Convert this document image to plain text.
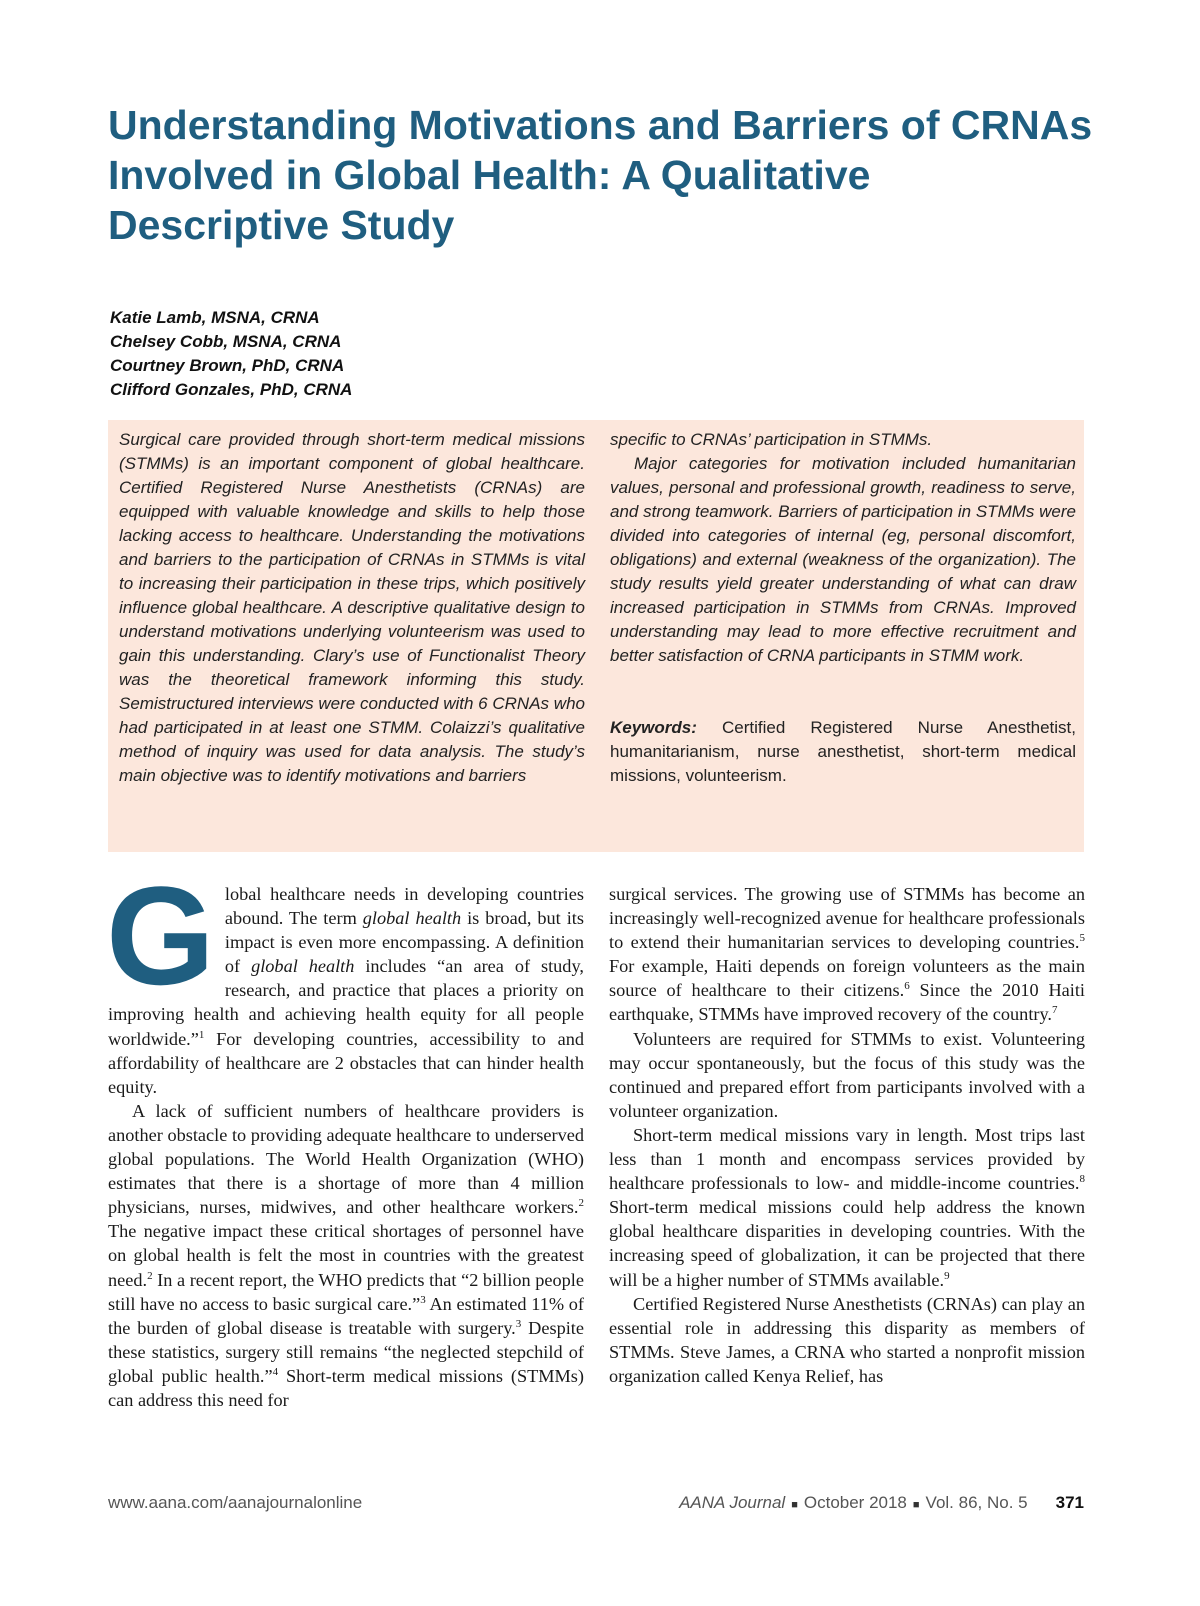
Understanding Motivations and Barriers of CRNAs Involved in Global Health: A Qualitative Descriptive Study
Katie Lamb, MSNA, CRNA
Chelsey Cobb, MSNA, CRNA
Courtney Brown, PhD, CRNA
Clifford Gonzales, PhD, CRNA

Surgical care provided through short-term medical missions (STMMs) is an important component of global healthcare. Certified Registered Nurse Anesthetists (CRNAs) are equipped with valuable knowledge and skills to help those lacking access to healthcare. Understanding the motivations and barriers to the participation of CRNAs in STMMs is vital to increasing their participation in these trips, which positively influence global healthcare. A descriptive qualitative design to understand motivations underlying volunteerism was used to gain this understanding. Clary’s use of Functionalist Theory was the theoretical framework informing this study. Semistructured interviews were conducted with 6 CRNAs who had participated in at least one STMM. Colaizzi’s qualitative method of inquiry was used for data analysis. The study’s main objective was to identify motivations and barriers

specific to CRNAs’ participation in STMMs.

Major categories for motivation included humanitarian values, personal and professional growth, readiness to serve, and strong teamwork. Barriers of participation in STMMs were divided into categories of internal (eg, personal discomfort, obligations) and external (weakness of the organization). The study results yield greater understanding of what can draw increased participation in STMMs from CRNAs. Improved understanding may lead to more effective recruitment and better satisfaction of CRNA participants in STMM work.

Keywords: Certified Registered Nurse Anesthetist, humanitarianism, nurse anesthetist, short-term medical missions, volunteerism.

Global healthcare needs in developing countries abound. The term global health is broad, but its impact is even more encompassing. A definition of global health includes “an area of study, research, and practice that places a priority on improving health and achieving health equity for all people worldwide.”$^1$ For developing countries, accessibility to and affordability of healthcare are 2 obstacles that can hinder health equity.

A lack of sufficient numbers of healthcare providers is another obstacle to providing adequate healthcare to underserved global populations. The World Health Organization (WHO) estimates that there is a shortage of more than 4 million physicians, nurses, midwives, and other healthcare workers.$^2$ The negative impact these critical shortages of personnel have on global health is felt the most in countries with the greatest need.$^2$ In a recent report, the WHO predicts that “2 billion people still have no access to basic surgical care.”$^3$ An estimated 11% of the burden of global disease is treatable with surgery.$^3$ Despite these statistics, surgery still remains “the neglected stepchild of global public health.”$^4$ Short-term medical missions (STMMs) can address this need for

surgical services. The growing use of STMMs has become an increasingly well-recognized avenue for healthcare professionals to extend their humanitarian services to developing countries.$^5$ For example, Haiti depends on foreign volunteers as the main source of healthcare to their citizens.$^6$ Since the 2010 Haiti earthquake, STMMs have improved recovery of the country.$^7$

Volunteers are required for STMMs to exist. Volunteering may occur spontaneously, but the focus of this study was the continued and prepared effort from participants involved with a volunteer organization.

Short-term medical missions vary in length. Most trips last less than 1 month and encompass services provided by healthcare professionals to low- and middle-income countries.$^8$ Short-term medical missions could help address the known global healthcare disparities in developing countries. With the increasing speed of globalization, it can be projected that there will be a higher number of STMMs available.$^9$

Certified Registered Nurse Anesthetists (CRNAs) can play an essential role in addressing this disparity as members of STMMs. Steve James, a CRNA who started a nonprofit mission organization called Kenya Relief, has

www.aana.com/aanajournalonline	AANA Journal ■ October 2018 ■ Vol. 86, No. 5 371
